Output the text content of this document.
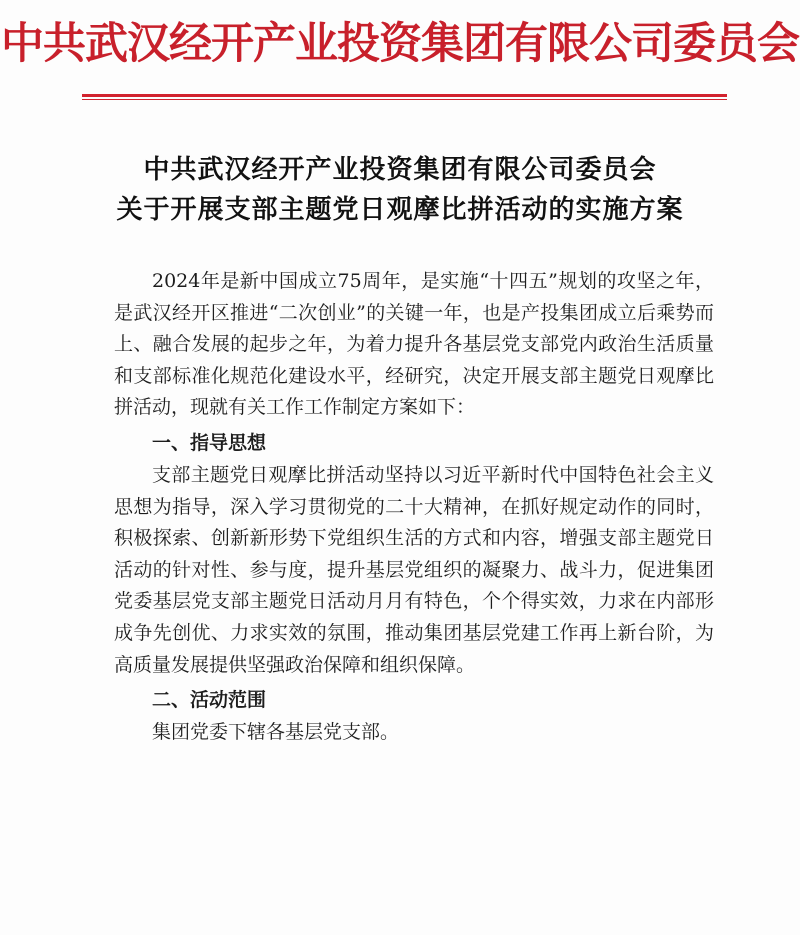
中共武汉经开产业投资集团有限公司委员会
中共武汉经开产业投资集团有限公司委员会
关于开展支部主题党日观摩比拼活动的实施方案

2024年是新中国成立75周年，是实施“十四五”规划的攻坚之年，是武汉经开区推进“二次创业”的关键一年，也是产投集团成立后乘势而上、融合发展的起步之年，为着力提升各基层党支部党内政治生活质量和支部标准化规范化建设水平，经研究，决定开展支部主题党日观摩比拼活动，现就有关工作工作制定方案如下：

一、指导思想

支部主题党日观摩比拼活动坚持以习近平新时代中国特色社会主义思想为指导，深入学习贯彻党的二十大精神，在抓好规定动作的同时，积极探索、创新新形势下党组织生活的方式和内容，增强支部主题党日活动的针对性、参与度，提升基层党组织的凝聚力、战斗力，促进集团党委基层党支部主题党日活动月月有特色，个个得实效，力求在内部形成争先创优、力求实效的氛围，推动集团基层党建工作再上新台阶，为高质量发展提供坚强政治保障和组织保障。

二、活动范围

集团党委下辖各基层党支部。
